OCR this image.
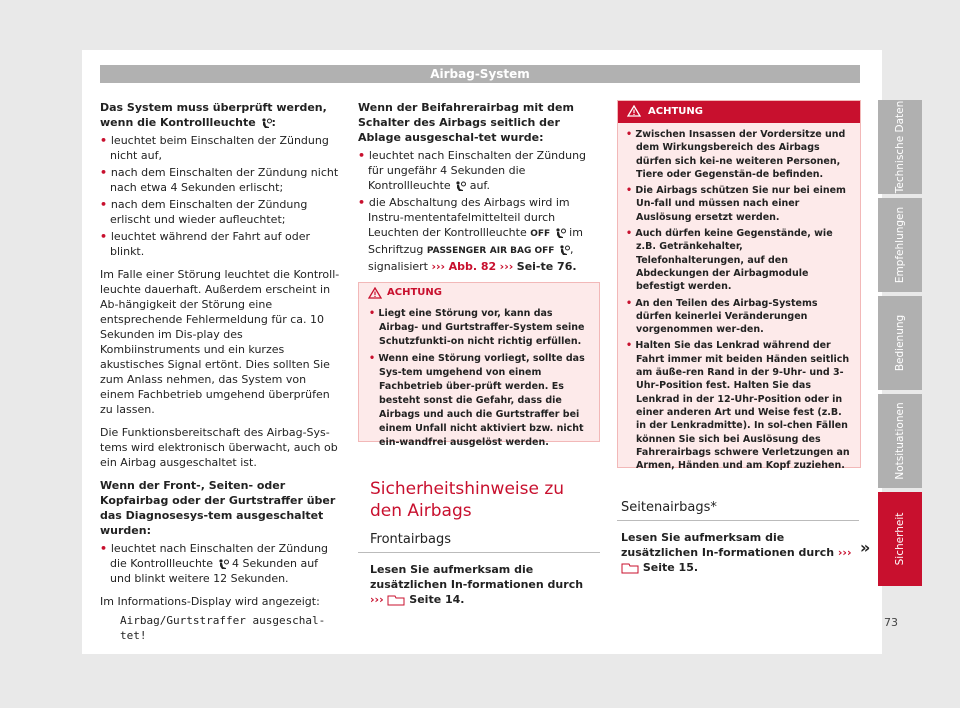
Airbag-System

Das System muss überprüft werden, wenn die Kontrollleuchte :

• leuchtet beim Einschalten der Zündung nicht auf,
• nach dem Einschalten der Zündung nicht nach etwa 4 Sekunden erlischt;
• nach dem Einschalten der Zündung erlischt und wieder aufleuchtet;
• leuchtet während der Fahrt auf oder blinkt.

Im Falle einer Störung leuchtet die Kontroll-leuchte dauerhaft. Außerdem erscheint in Ab-hängigkeit der Störung eine entsprechende Fehlermeldung für ca. 10 Sekunden im Dis-play des Kombiinstruments und ein kurzes akustisches Signal ertönt. Dies sollten Sie zum Anlass nehmen, das System von einem Fachbetrieb umgehend überprüfen zu lassen.

Die Funktionsbereitschaft des Airbag-Sys-tems wird elektronisch überwacht, auch ob ein Airbag ausgeschaltet ist.

Wenn der Front-, Seiten- oder Kopfairbag oder der Gurtstraffer über das Diagnosesys-tem ausgeschaltet wurden:

• leuchtet nach Einschalten der Zündung die Kontrollleuchte 4 Sekunden auf und blinkt weitere 12 Sekunden.

Im Informations-Display wird angezeigt:

Airbag/Gurtstraffer ausgeschal-tet!

Wenn der Beifahrerairbag mit dem Schalter des Airbags seitlich der Ablage ausgeschal-tet wurde:

• leuchtet nach Einschalten der Zündung für ungefähr 4 Sekunden die Kontrollleuchte auf.
• die Abschaltung des Airbags wird im Instru-mententafelmittelteil durch Leuchten der Kontrollleuchte OFF im Schriftzug PASSENGER AIR BAG OFF , signalisiert ››› Abb. 82 ››› Sei-te 76.
ACHTUNG
• Liegt eine Störung vor, kann das Airbag- und Gurtstraffer-System seine Schutzfunkti-on nicht richtig erfüllen.
• Wenn eine Störung vorliegt, sollte das Sys-tem umgehend von einem Fachbetrieb über-prüft werden. Es besteht sonst die Gefahr, dass die Airbags und auch die Gurtstraffer bei einem Unfall nicht aktiviert bzw. nicht ein-wandfrei ausgelöst werden.
Sicherheitshinweise zu den Airbags
Frontairbags
Lesen Sie aufmerksam die zusätzlichen In-formationen durch ››› Seite 14.
ACHTUNG
• Zwischen Insassen der Vordersitze und dem Wirkungsbereich des Airbags dürfen sich kei-ne weiteren Personen, Tiere oder Gegenstän-de befinden.
• Die Airbags schützen Sie nur bei einem Un-fall und müssen nach einer Auslösung ersetzt werden.
• Auch dürfen keine Gegenstände, wie z.B. Getränkehalter, Telefonhalterungen, auf den Abdeckungen der Airbagmodule befestigt werden.
• An den Teilen des Airbag-Systems dürfen keinerlei Veränderungen vorgenommen wer-den.
• Halten Sie das Lenkrad während der Fahrt immer mit beiden Händen seitlich am äuße-ren Rand in der 9-Uhr- und 3-Uhr-Position fest. Halten Sie das Lenkrad in der 12-Uhr-Position oder in einer anderen Art und Weise fest (z.B. in der Lenkradmitte). In sol-chen Fällen können Sie sich bei Auslösung des Fahrerairbags schwere Verletzungen an Armen, Händen und am Kopf zuziehen.
Seitenairbags*
Lesen Sie aufmerksam die zusätzlichen In-formationen durch ›››  Seite 15.
»
Technische Daten
Empfehlungen
Bedienung
Notsituationen
Sicherheit
73
